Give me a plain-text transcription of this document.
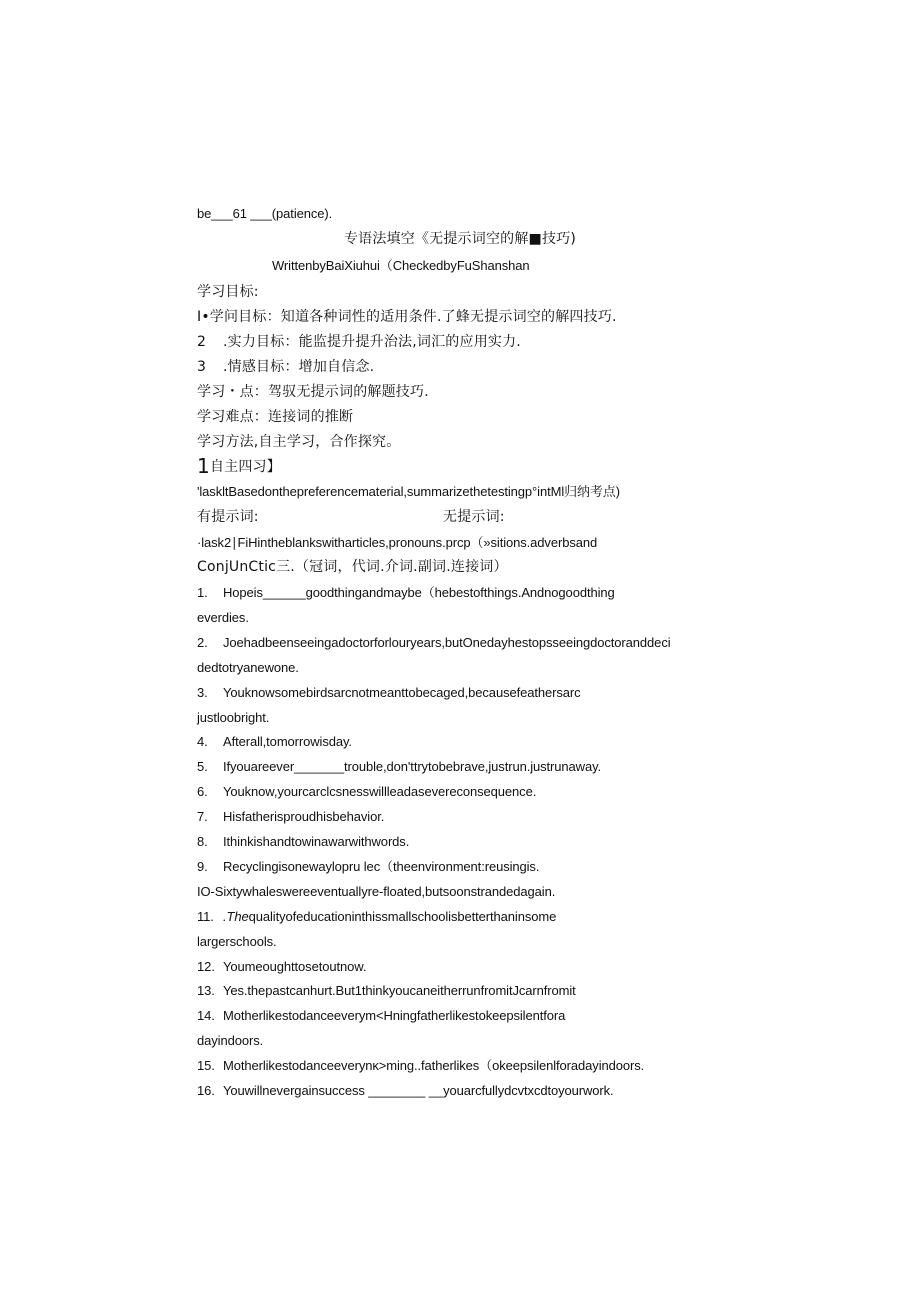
be___61 ___(patience).
专语法填空《无提示词空的解■技巧)
WrittenbyBaiXiuhui（CheckedbyFuShanshan
学习目标:
I•学问目标：知道各种词性的适用条件.了蜂无提示词空的解四技巧.
2 .实力目标：能监提升提升治法,词汇的应用实力.
3 .情感目标：增加自信念.
学习・点：驾驭无提示词的解题技巧.
学习难点：连接词的推断
学习方法,自主学习，合作探究。
1自主四习】
'laskltBasedonthepreferencematerial,summarizethetestingp°intMl归纳考点)
有提示词:	无提示词:
·lask2∣FiHintheblankswitharticles,pronouns.prcp（»sitions.adverbsand
ConjUnCtic三.（冠词，代词.介词.副词.连接词）
1. Hopeis______goodthingandmaybe（hebestofthings.Andnogoodthing
everdies.
2. Joehadbeenseeingadoctorforlouryears,butOnedayhestopsseeingdoctoranddeci
dedtotryanewone.
3. Youknowsomebirdsarcnotmeanttobecaged,becausefeathersarc
justloobright.
4. Afterall,tomorrowisday.
5. Ifyouareever_______trouble,don'ttrytobebrave,justrun.justrunaway.
6. Youknow,yourcarclcsnesswillleadasevereconsequence.
7. Hisfatherisproudhisbehavior.
8. Ithinkishandtowinawarwithwords.
9. Recyclingisonewaylopru lec（theenvironment:reusingis.
IO-Sixtywhaleswereeventuallyre-floated,butsoonstrandedagain.
11. .Thequalityofeducationinthissmallschoolisbetterthaninsome
largerschools.
12. Youmeoughttosetoutnow.
13. Yes.thepastcanhurt.But1thinkyoucaneitherrunfromitJcarnfromit
14. Motherlikestodanceeverym<Hningfatherlikestokeepsilentfora
dayindoors.
15. Motherlikestodanceeverynκ>ming..fatherlikes（okeepsilenlforadayindoors.
16. Youwillnevergainsuccess ________ __youarcfullydcvtxcdtoyourwork.
